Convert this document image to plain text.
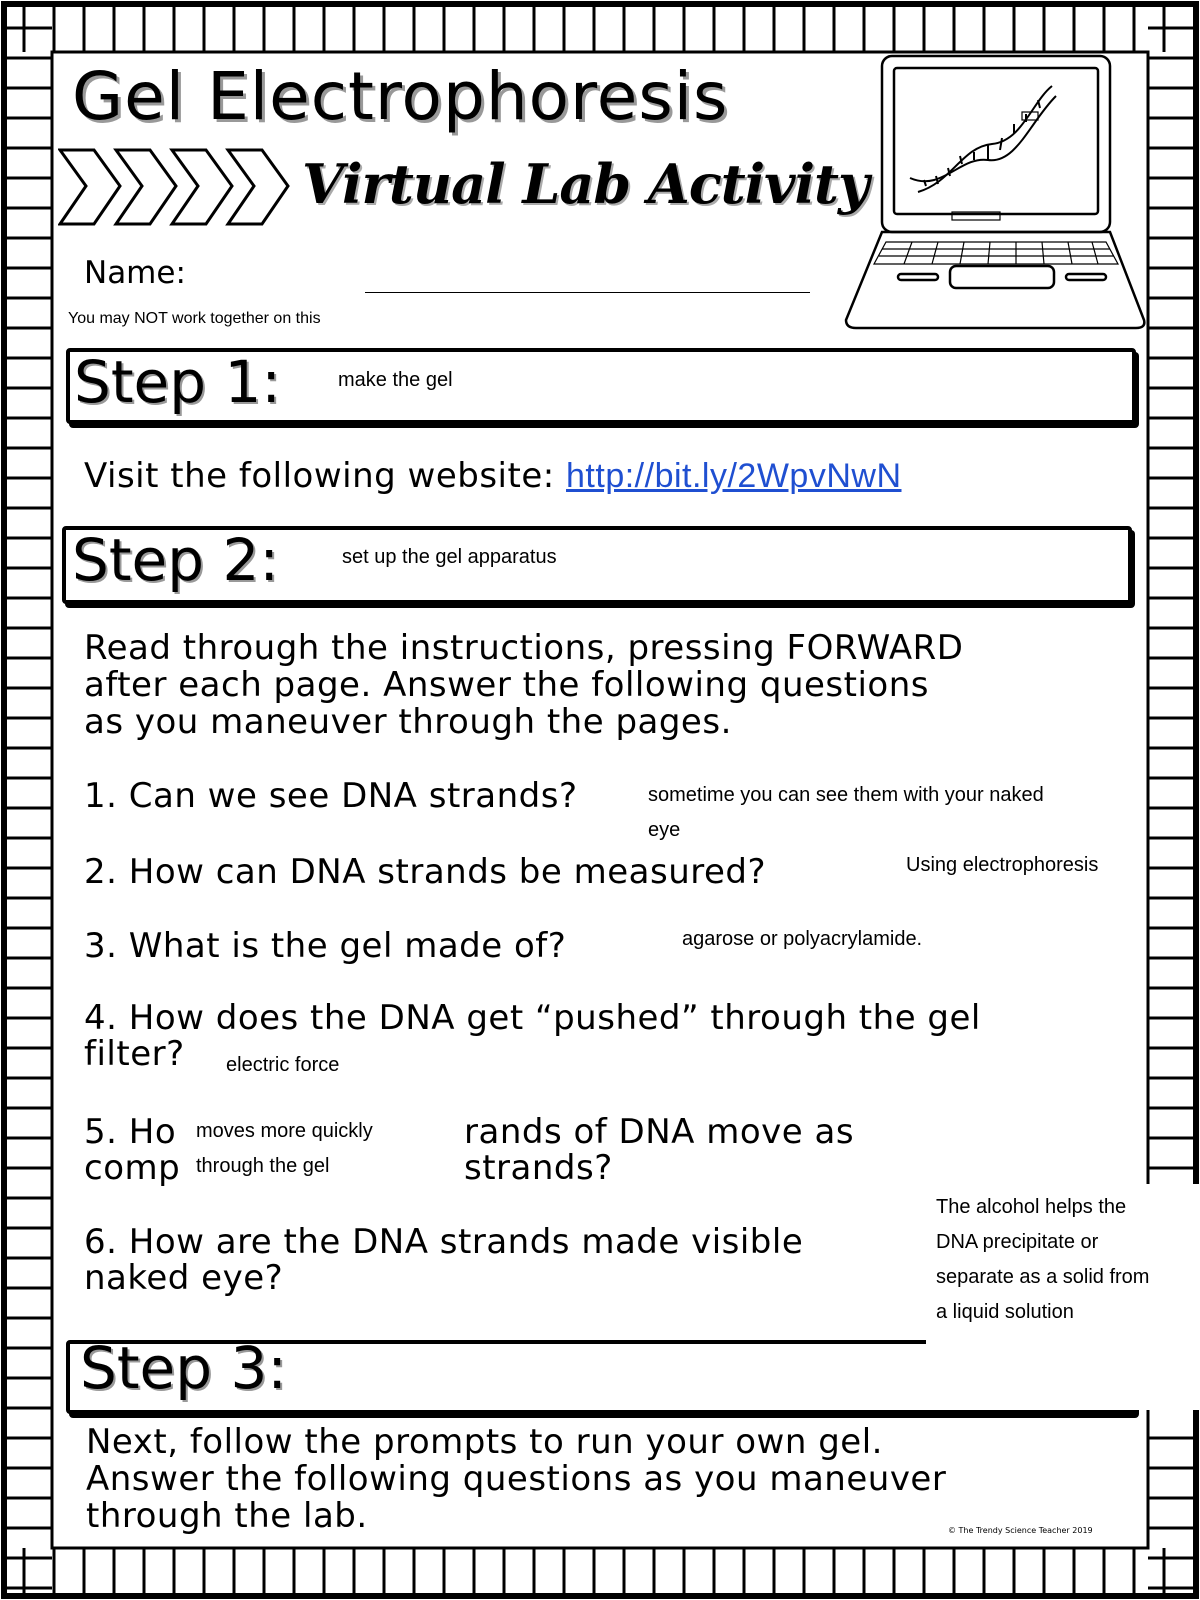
Gel Electrophoresis
Virtual Lab Activity
Name:
You may NOT work together on this
Step 1:	make the gel
Visit the following website: http://bit.ly/2WpvNwN
Step 2:	set up the gel apparatus
Read through the instructions, pressing FORWARD
after each page. Answer the following questions
as you maneuver through the pages.
1. Can we see DNA strands?	sometime you can see them with your naked
eye
2. How can DNA strands be measured?	Using electrophoresis
3. What is the gel made of?	agarose or polyacrylamide.
4. How does the DNA get “pushed” through the gel
filter?	electric force
5. Ho
comp
rands of DNA move as
strands?
moves more quickly
through the gel
6. How are the DNA strands made visible
naked eye?
Step 3:
The alcohol helps the
DNA precipitate or
separate as a solid from
a liquid solution
Next, follow the prompts to run your own gel.
Answer the following questions as you maneuver
through the lab.	© The Trendy Science Teacher 2019
